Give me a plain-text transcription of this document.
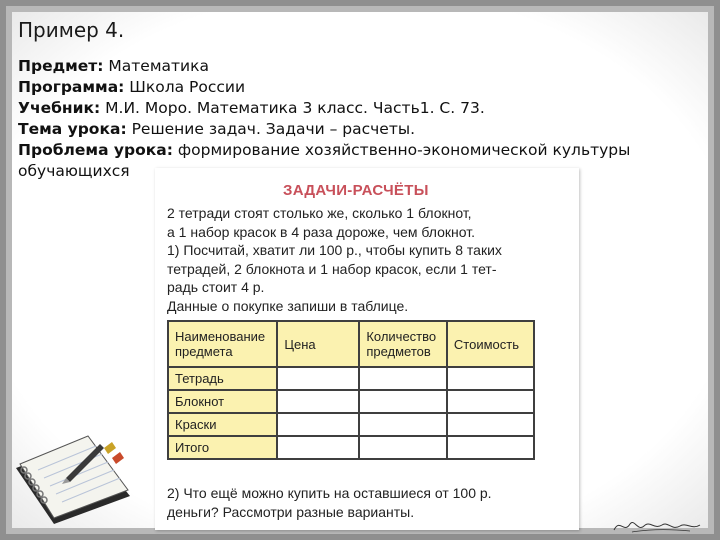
Пример 4.
Предмет: Математика
Программа: Школа России
Учебник: М.И. Моро. Математика 3 класс. Часть1. С. 73.
Тема урока: Решение задач. Задачи – расчеты.
Проблема урока: формирование хозяйственно-экономической культуры
обучающихся
ЗАДАЧИ-РАСЧЁТЫ

2 тетради стоят столько же, сколько 1 блокнот,

а 1 набор красок в 4 раза дороже, чем блокнот.

1) Посчитай, хватит ли 100 р., чтобы купить 8 таких

тетрадей, 2 блокнота и 1 набор красок, если 1 тет-

радь стоит 4 р.

Данные о покупке запиши в таблице.

Наименование предмета	Цена	Количество предметов	Стоимость
Тетрадь			
Блокнот			
Краски			
Итого			

2) Что ещё можно купить на оставшиеся от 100 р.

деньги? Рассмотри разные варианты.
